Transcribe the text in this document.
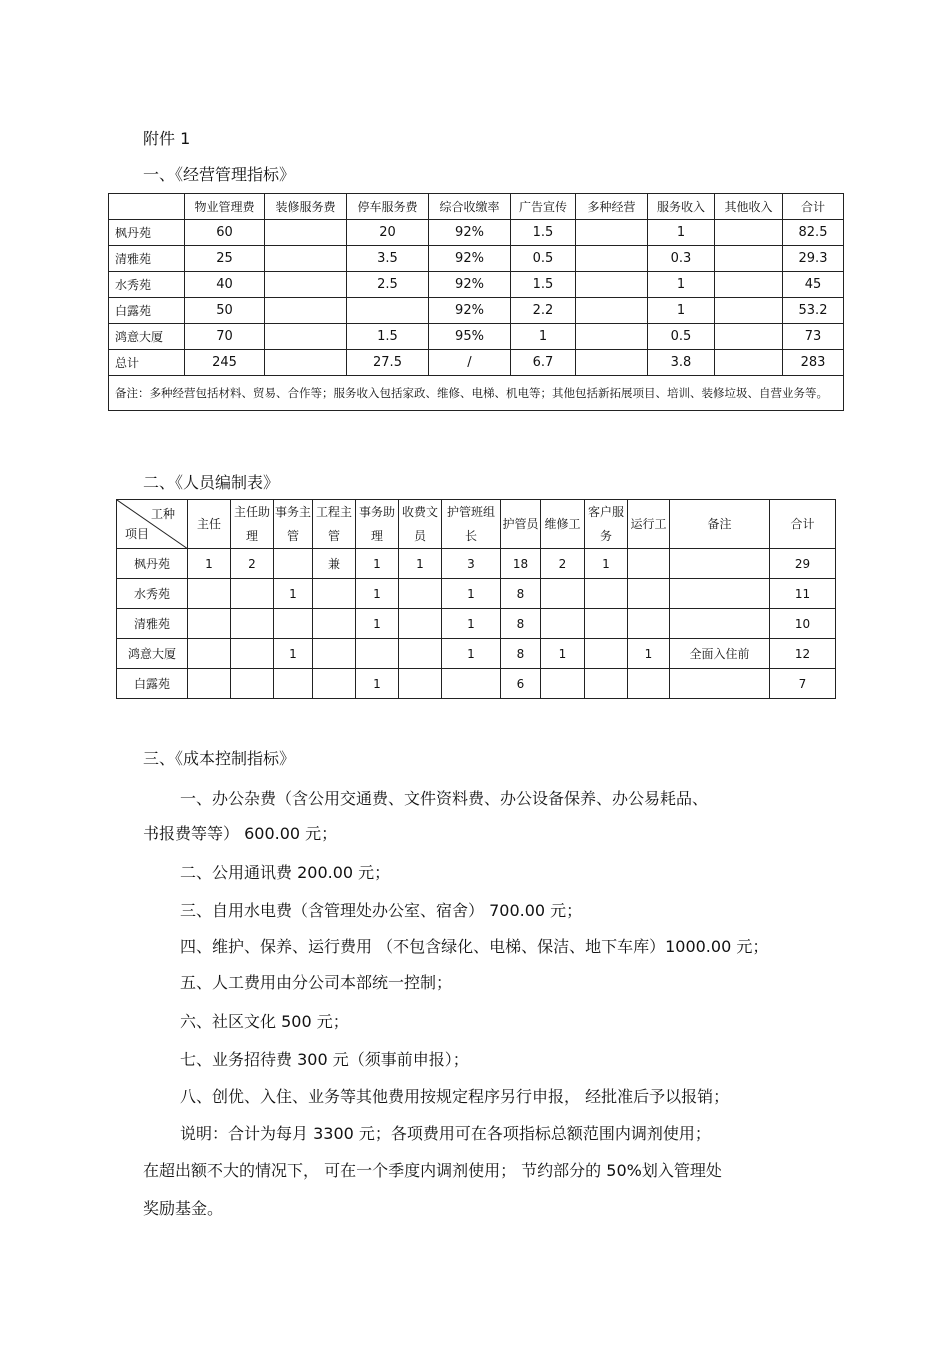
附件 1
一、《经营管理指标》
	物业管理费	装修服务费	停车服务费	综合收缴率	广告宣传	多种经营	服务收入	其他收入	合计
枫丹苑	60		20	92%	1.5		1		82.5
清雅苑	25		3.5	92%	0.5		0.3		29.3
水秀苑	40		2.5	92%	1.5		1		45
白露苑	50			92%	2.2		1		53.2
鸿意大厦	70		1.5	95%	1		0.5		73
总计	245		27.5	/	6.7		3.8		283
备注：多种经营包括材料、贸易、合作等；服务收入包括家政、维修、电梯、机电等；其他包括新拓展项目、培训、装修垃圾、自营业务等。									
二、《人员编制表》
工种
项目	主任	主任助理	事务主管	工程主管	事务助理	收费文员	护管班组长	护管员	维修工	客户服务	运行工	备注	合计
枫丹苑	1	2		兼	1	1	3	18	2	1			29
水秀苑			1		1		1	8					11
清雅苑					1		1	8					10
鸿意大厦			1				1	8	1		1	全面入住前	12
白露苑					1			6					7
三、《成本控制指标》
一、办公杂费（含公用交通费、文件资料费、办公设备保养、办公易耗品、
书报费等等） 600.00 元；
二、公用通讯费 200.00 元；
三、自用水电费（含管理处办公室、宿舍） 700.00 元；
四、维护、保养、运行费用 （不包含绿化、电梯、保洁、地下车库）1000.00 元；
五、人工费用由分公司本部统一控制；
六、社区文化 500 元；
七、业务招待费 300 元（须事前申报）；
八、创优、入住、业务等其他费用按规定程序另行申报， 经批准后予以报销；
说明：合计为每月 3300 元；各项费用可在各项指标总额范围内调剂使用；
在超出额不大的情况下， 可在一个季度内调剂使用； 节约部分的 50%划入管理处
奖励基金。
